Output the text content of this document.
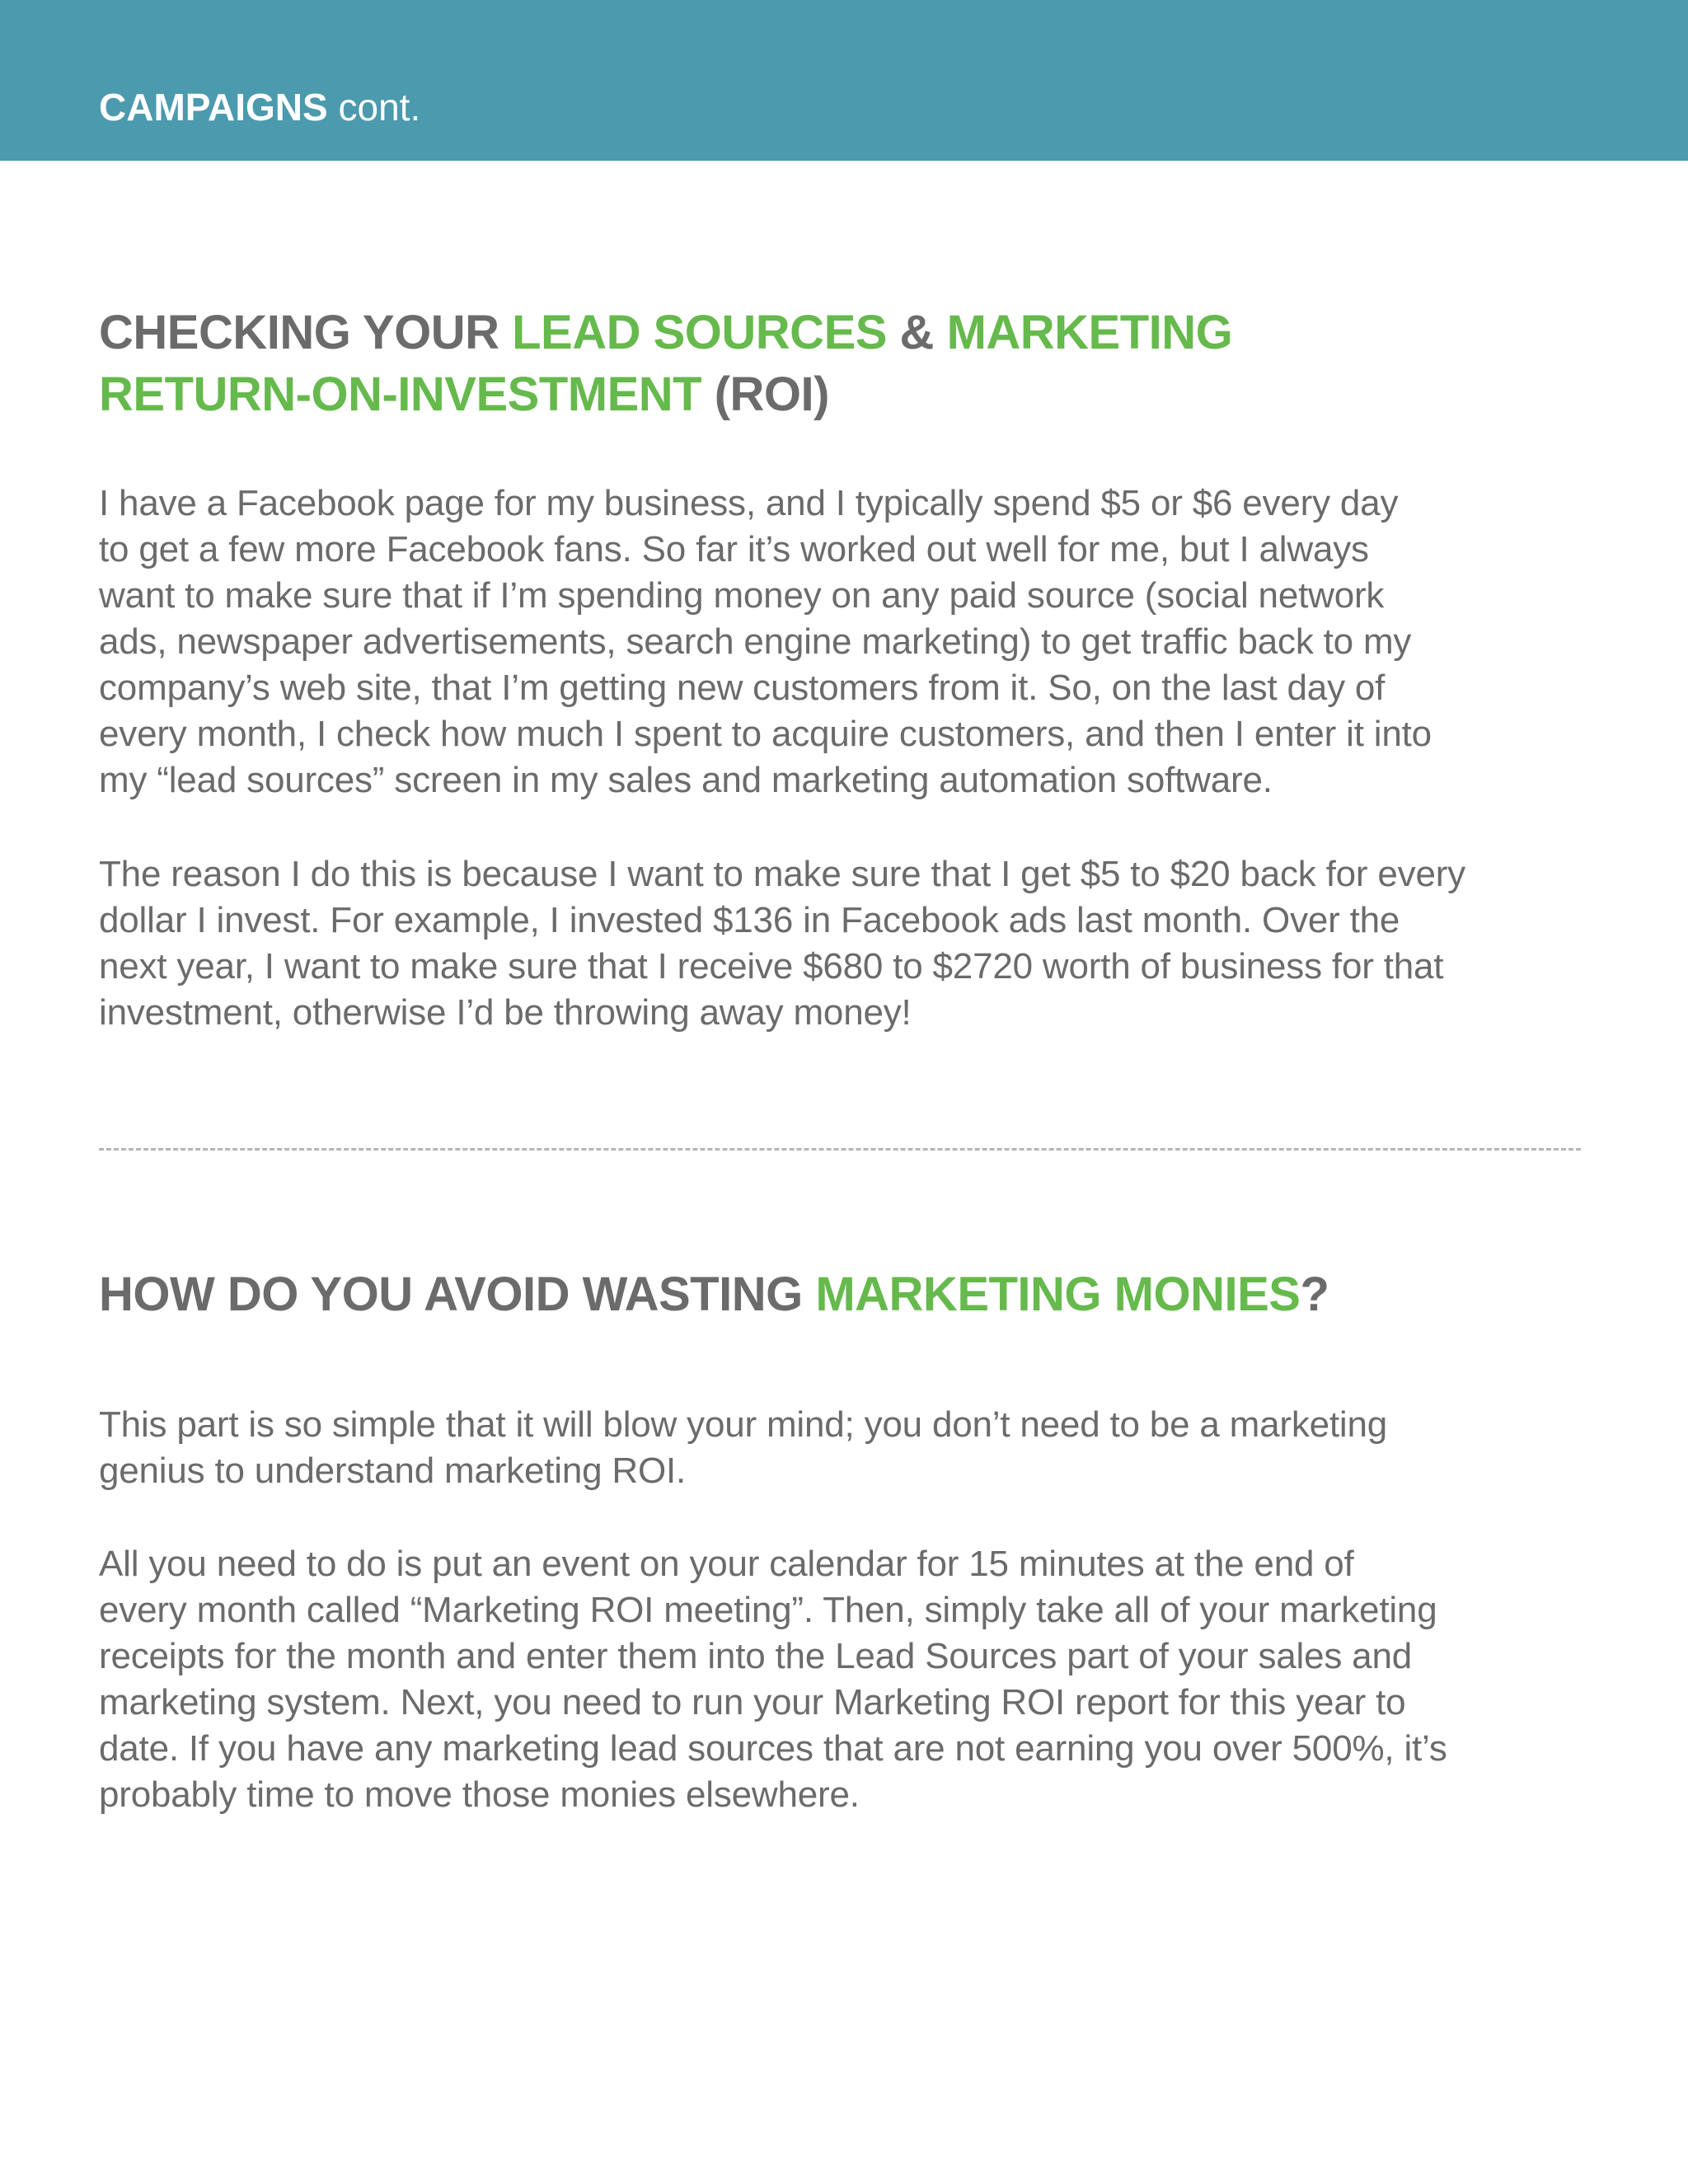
CAMPAIGNS cont.
CHECKING YOUR LEAD SOURCES & MARKETING
RETURN-ON-INVESTMENT (ROI)

I have a Facebook page for my business, and I typically spend $5 or $6 every day
to get a few more Facebook fans. So far it’s worked out well for me, but I always
want to make sure that if I’m spending money on any paid source (social network
ads, newspaper advertisements, search engine marketing) to get traffic back to my
company’s web site, that I’m getting new customers from it. So, on the last day of
every month, I check how much I spent to acquire customers, and then I enter it into
my “lead sources” screen in my sales and marketing automation software.

The reason I do this is because I want to make sure that I get $5 to $20 back for every
dollar I invest. For example, I invested $136 in Facebook ads last month. Over the
next year, I want to make sure that I receive $680 to $2720 worth of business for that
investment, otherwise I’d be throwing away money!

HOW DO YOU AVOID WASTING MARKETING MONIES?

This part is so simple that it will blow your mind; you don’t need to be a marketing
genius to understand marketing ROI.

All you need to do is put an event on your calendar for 15 minutes at the end of
every month called “Marketing ROI meeting”. Then, simply take all of your marketing
receipts for the month and enter them into the Lead Sources part of your sales and
marketing system. Next, you need to run your Marketing ROI report for this year to
date. If you have any marketing lead sources that are not earning you over 500%, it’s
probably time to move those monies elsewhere.
